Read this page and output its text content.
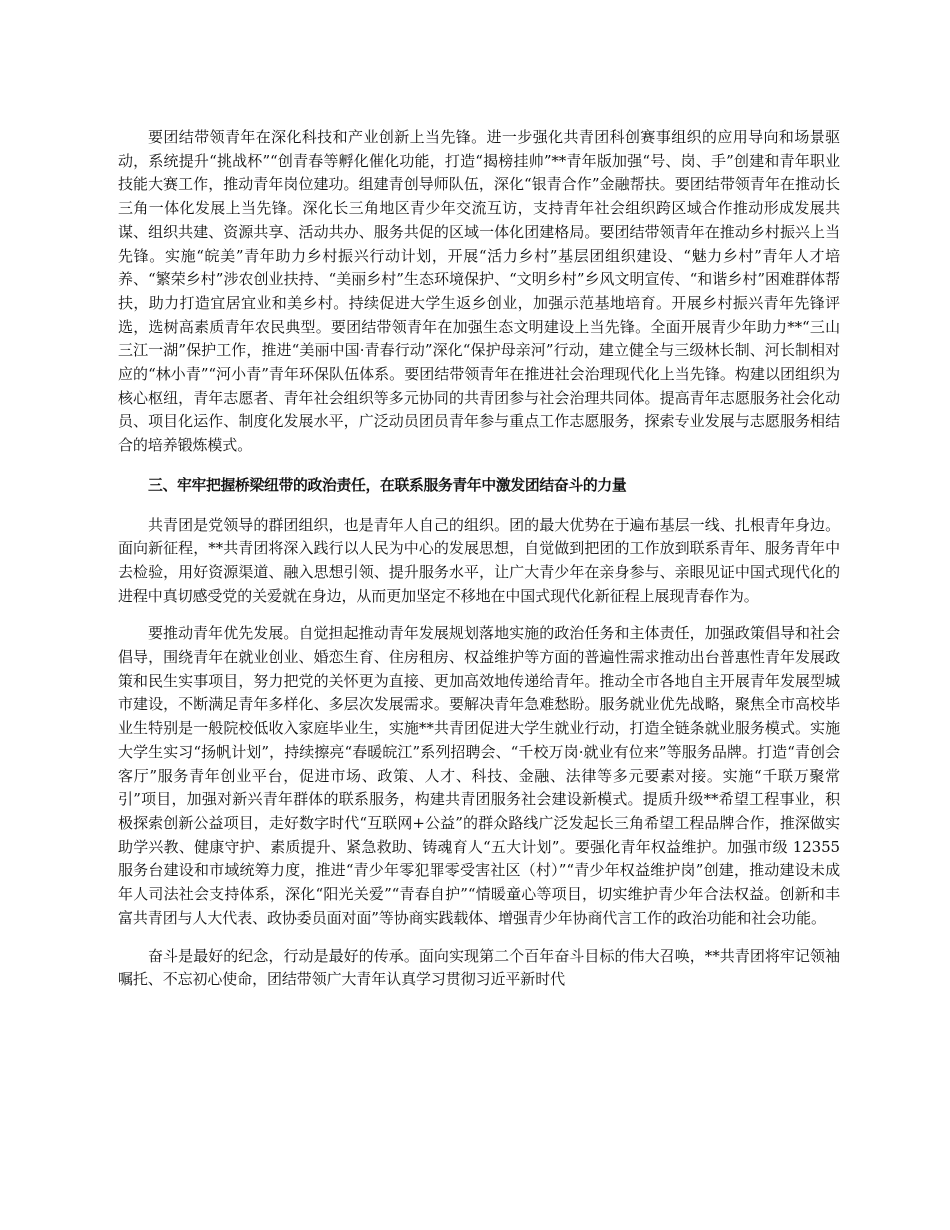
要团结带领青年在深化科技和产业创新上当先锋。进一步强化共青团科创赛事组织的应用导向和场景驱动，系统提升“挑战杯”“创青春等孵化催化功能，打造“揭榜挂帅”**青年版加强“号、岗、手”创建和青年职业技能大赛工作，推动青年岗位建功。组建青创导师队伍，深化“银青合作”金融帮扶。要团结带领青年在推动长三角一体化发展上当先锋。深化长三角地区青少年交流互访，支持青年社会组织跨区域合作推动形成发展共谋、组织共建、资源共享、活动共办、服务共促的区域一体化团建格局。要团结带领青年在推动乡村振兴上当先锋。实施“皖美”青年助力乡村振兴行动计划，开展“活力乡村”基层团组织建设、“魅力乡村”青年人才培养、“繁荣乡村”涉农创业扶持、“美丽乡村”生态环境保护、“文明乡村”乡风文明宣传、“和谐乡村”困难群体帮扶，助力打造宜居宜业和美乡村。持续促进大学生返乡创业，加强示范基地培育。开展乡村振兴青年先锋评选，选树高素质青年农民典型。要团结带领青年在加强生态文明建设上当先锋。全面开展青少年助力**“三山三江一湖”保护工作，推进“美丽中国·青春行动”深化“保护母亲河”行动，建立健全与三级林长制、河长制相对应的“林小青”“河小青”青年环保队伍体系。要团结带领青年在推进社会治理现代化上当先锋。构建以团组织为核心枢纽，青年志愿者、青年社会组织等多元协同的共青团参与社会治理共同体。提高青年志愿服务社会化动员、项目化运作、制度化发展水平，广泛动员团员青年参与重点工作志愿服务，探索专业发展与志愿服务相结合的培养锻炼模式。

三、牢牢把握桥梁纽带的政治责任，在联系服务青年中激发团结奋斗的力量

共青团是党领导的群团组织，也是青年人自己的组织。团的最大优势在于遍布基层一线、扎根青年身边。面向新征程，**共青团将深入践行以人民为中心的发展思想，自觉做到把团的工作放到联系青年、服务青年中去检验，用好资源渠道、融入思想引领、提升服务水平，让广大青少年在亲身参与、亲眼见证中国式现代化的进程中真切感受党的关爱就在身边，从而更加坚定不移地在中国式现代化新征程上展现青春作为。

要推动青年优先发展。自觉担起推动青年发展规划落地实施的政治任务和主体责任，加强政策倡导和社会倡导，围绕青年在就业创业、婚恋生育、住房租房、权益维护等方面的普遍性需求推动出台普惠性青年发展政策和民生实事项目，努力把党的关怀更为直接、更加高效地传递给青年。推动全市各地自主开展青年发展型城市建设，不断满足青年多样化、多层次发展需求。要解决青年急难愁盼。服务就业优先战略，聚焦全市高校毕业生特别是一般院校低收入家庭毕业生，实施**共青团促进大学生就业行动，打造全链条就业服务模式。实施大学生实习“扬帆计划”，持续擦亮“春暖皖江”系列招聘会、“千校万岗·就业有位来”等服务品牌。打造“青创会客厅”服务青年创业平台，促进市场、政策、人才、科技、金融、法律等多元要素对接。实施“千联万聚常引”项目，加强对新兴青年群体的联系服务，构建共青团服务社会建设新模式。提质升级**希望工程事业，积极探索创新公益项目，走好数字时代“互联网+公益”的群众路线广泛发起长三角希望工程品牌合作，推深做实助学兴教、健康守护、素质提升、紧急救助、铸魂育人“五大计划”。要强化青年权益维护。加强市级 12355 服务台建设和市域统筹力度，推进“青少年零犯罪零受害社区（村）”“青少年权益维护岗”创建，推动建设未成年人司法社会支持体系，深化“阳光关爱”“青春自护”“情暖童心等项目，切实维护青少年合法权益。创新和丰富共青团与人大代表、政协委员面对面”等协商实践载体、增强青少年协商代言工作的政治功能和社会功能。

奋斗是最好的纪念，行动是最好的传承。面向实现第二个百年奋斗目标的伟大召唤，**共青团将牢记领袖嘱托、不忘初心使命，团结带领广大青年认真学习贯彻习近平新时代
